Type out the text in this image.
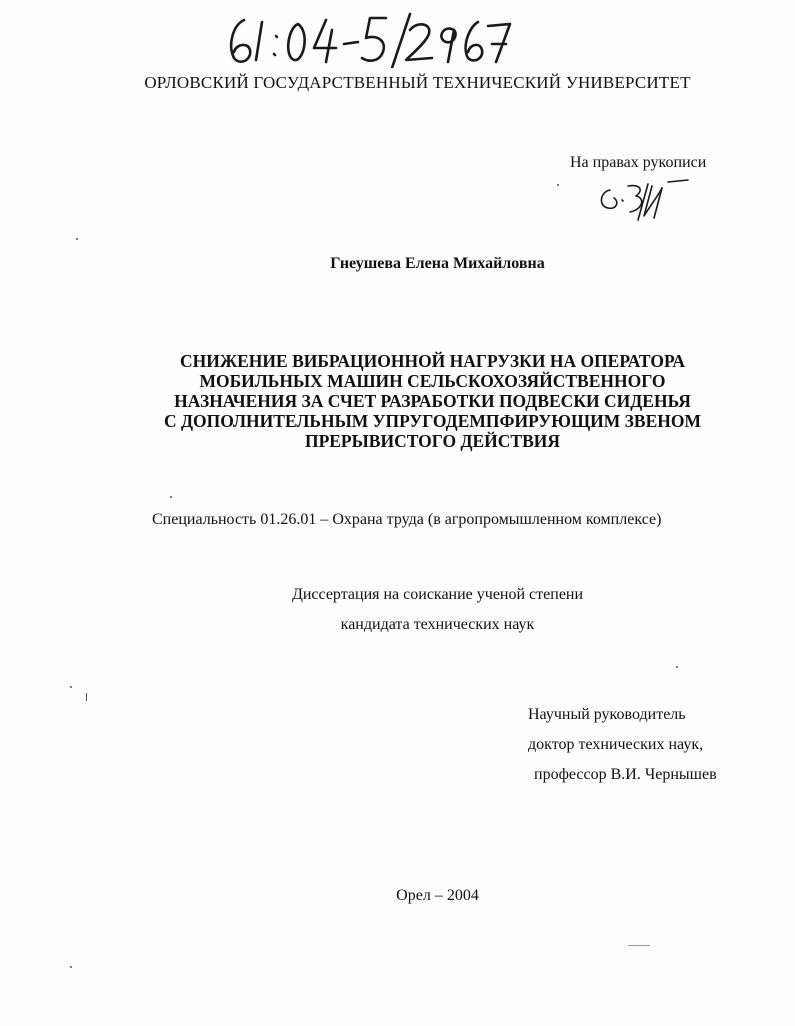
ОРЛОВСКИЙ ГОСУДАРСТВЕННЫЙ ТЕХНИЧЕСКИЙ УНИВЕРСИТЕТ
На правах рукописи
Гнеушева Елена Михайловна
СНИЖЕНИЕ ВИБРАЦИОННОЙ НАГРУЗКИ НА ОПЕРАТОРА
МОБИЛЬНЫХ МАШИН СЕЛЬСКОХОЗЯЙСТВЕННОГО
НАЗНАЧЕНИЯ ЗА СЧЕТ РАЗРАБОТКИ ПОДВЕСКИ СИДЕНЬЯ
С ДОПОЛНИТЕЛЬНЫМ УПРУГОДЕМПФИРУЮЩИМ ЗВЕНОМ
ПРЕРЫВИСТОГО ДЕЙСТВИЯ
Специальность 01.26.01 – Охрана труда (в агропромышленном комплексе)
Диссертация на соискание ученой степени
кандидата технических наук
Научный руководитель
доктор технических наук,
профессор В.И. Чернышев
Орел – 2004
